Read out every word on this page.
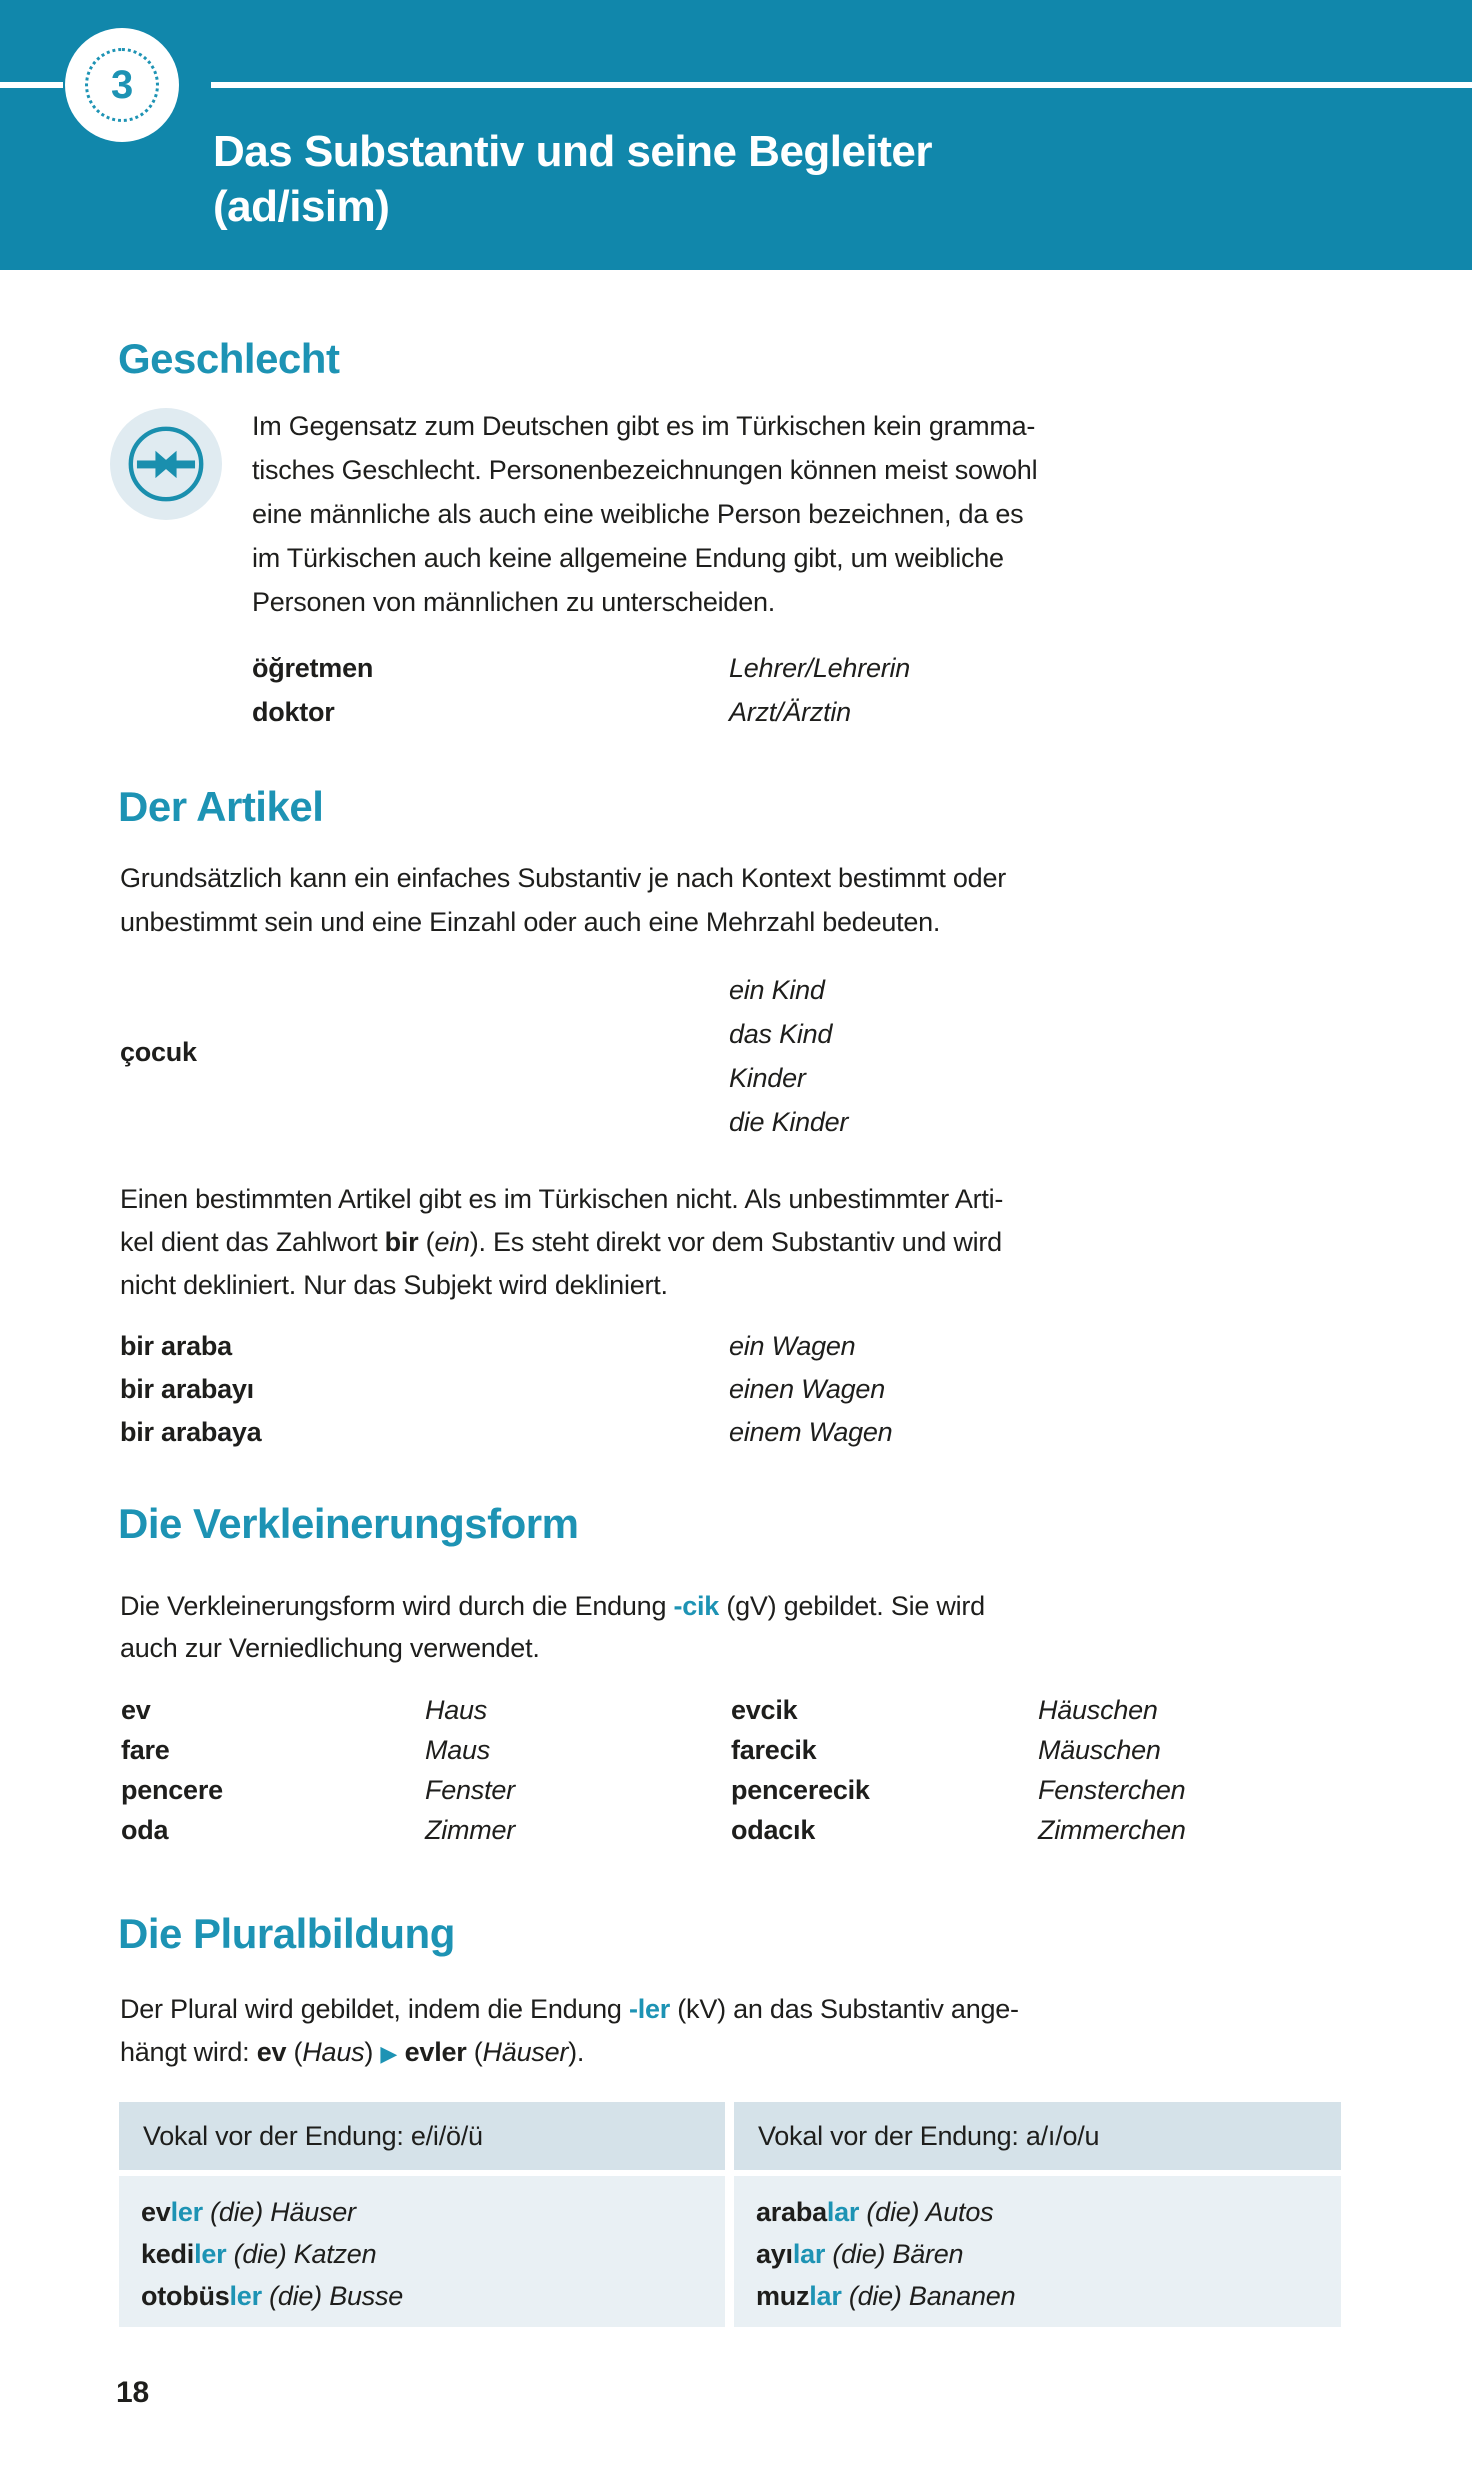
3
Das Substantiv und seine Begleiter
(ad/isim)
Geschlecht
Im Gegensatz zum Deutschen gibt es im Türkischen kein gramma-
tisches Geschlecht. Personenbezeichnungen können meist sowohl
eine männliche als auch eine weibliche Person bezeichnen, da es
im Türkischen auch keine allgemeine Endung gibt, um weibliche
Personen von männlichen zu unterscheiden.
öğretmen	Lehrer/Lehrerin
doktor	Arzt/Ärztin
Der Artikel
Grundsätzlich kann ein einfaches Substantiv je nach Kontext bestimmt oder
unbestimmt sein und eine Einzahl oder auch eine Mehrzahl bedeuten.
çocuk
ein Kind
das Kind
Kinder
die Kinder
Einen bestimmten Artikel gibt es im Türkischen nicht. Als unbestimmter Arti-
kel dient das Zahlwort bir (ein). Es steht direkt vor dem Substantiv und wird
nicht dekliniert. Nur das Subjekt wird dekliniert.
bir araba	ein Wagen
bir arabayı	einen Wagen
bir arabaya	einem Wagen
Die Verkleinerungsform
Die Verkleinerungsform wird durch die Endung -cik (gV) gebildet. Sie wird
auch zur Verniedlichung verwendet.
ev	Haus	evcik	Häuschen
fare	Maus	farecik	Mäuschen
pencere	Fenster	pencerecik	Fensterchen
oda	Zimmer	odacık	Zimmerchen
Die Pluralbildung
Der Plural wird gebildet, indem die Endung -ler (kV) an das Substantiv ange-
hängt wird: ev (Haus) ▶ evler (Häuser).
Vokal vor der Endung: e/i/ö/ü
evler (die) Häuser
kediler (die) Katzen
otobüsler (die) Busse
Vokal vor der Endung: a/ı/o/u
arabalar (die) Autos
ayılar (die) Bären
muzlar (die) Bananen
18
